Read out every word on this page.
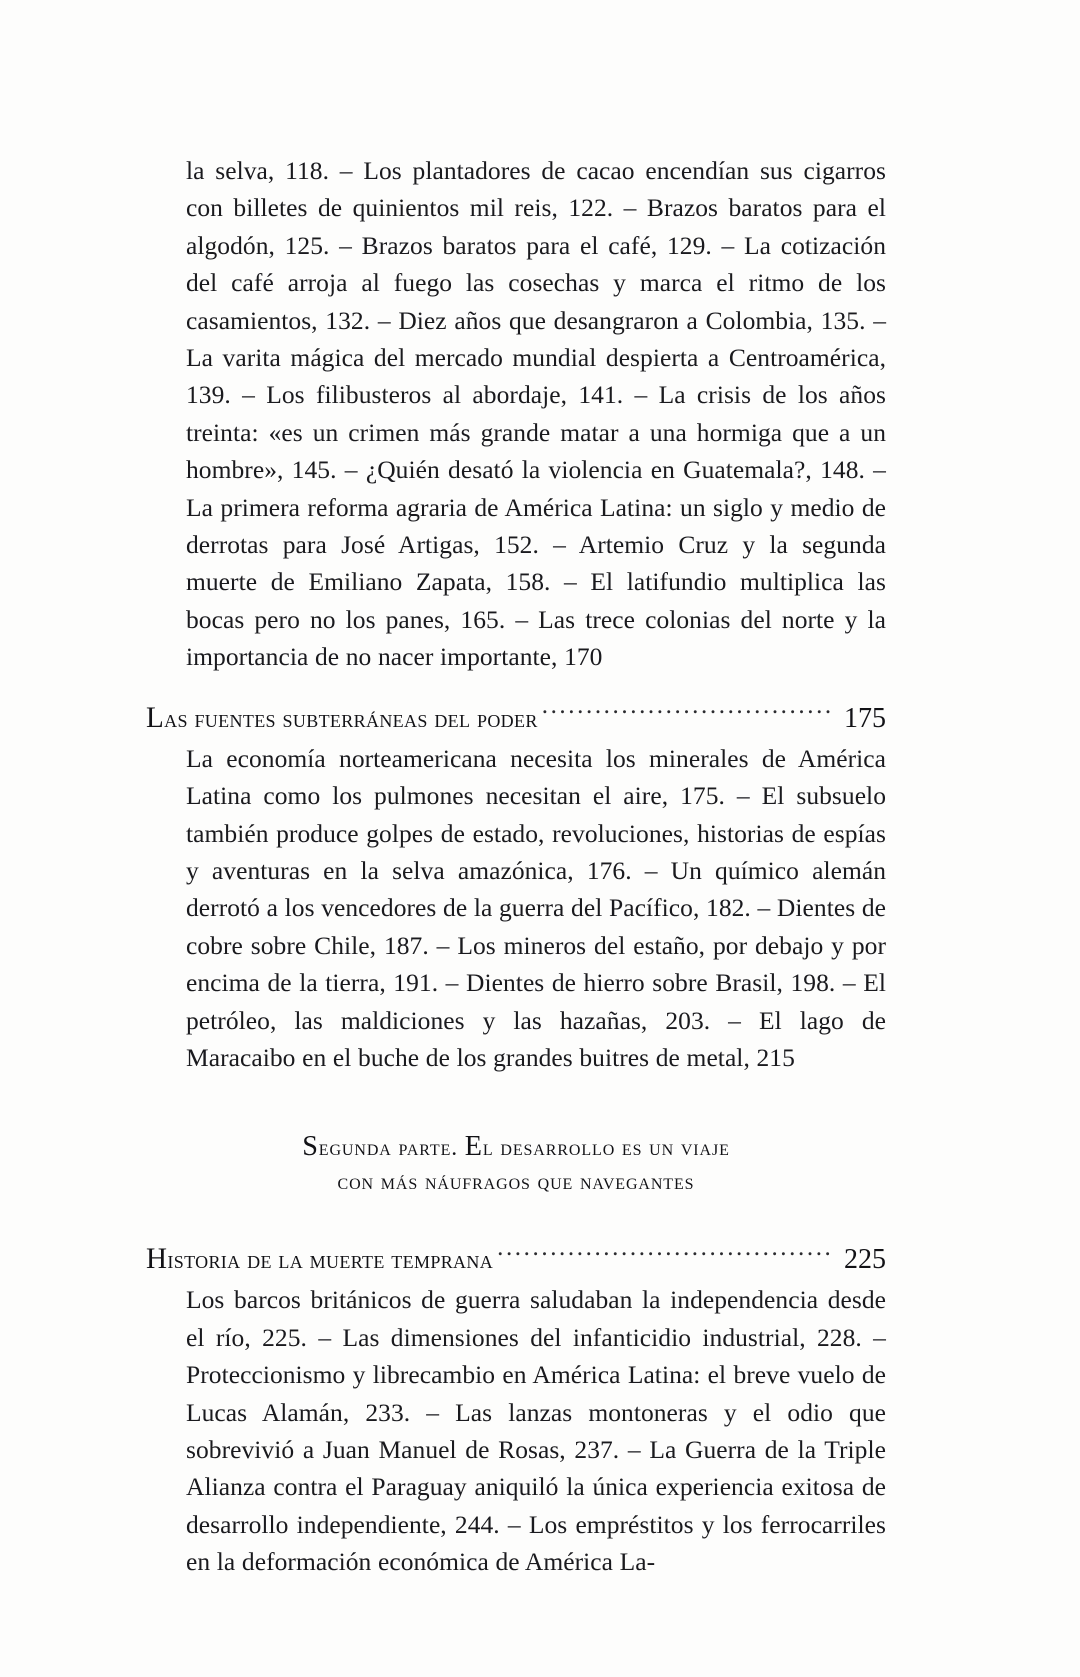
la selva, 118. – Los plantadores de cacao encendían sus cigarros con billetes de quinientos mil reis, 122. – Brazos baratos para el algodón, 125. – Brazos baratos para el café, 129. – La cotización del café arroja al fuego las cosechas y marca el ritmo de los casamientos, 132. – Diez años que desangraron a Colombia, 135. – La varita mágica del mercado mundial despierta a Centroamérica, 139. – Los filibusteros al abordaje, 141. – La crisis de los años treinta: «es un crimen más grande matar a una hormiga que a un hombre», 145. – ¿Quién desató la violencia en Guatemala?, 148. – La primera reforma agraria de América Latina: un siglo y medio de derrotas para José Artigas, 152. – Artemio Cruz y la segunda muerte de Emiliano Zapata, 158. – El latifundio multiplica las bocas pero no los panes, 165. – Las trece colonias del norte y la importancia de no nacer importante, 170

Las fuentes subterráneas del poder .....	175

La economía norteamericana necesita los minerales de América Latina como los pulmones necesitan el aire, 175. – El subsuelo también produce golpes de estado, revoluciones, historias de espías y aventuras en la selva amazónica, 176. – Un químico alemán derrotó a los vencedores de la guerra del Pacífico, 182. – Dientes de cobre sobre Chile, 187. – Los mineros del estaño, por debajo y por encima de la tierra, 191. – Dientes de hierro sobre Brasil, 198. – El petróleo, las maldiciones y las hazañas, 203. – El lago de Maracaibo en el buche de los grandes buitres de metal, 215

Segunda parte. El desarrollo es un viaje
con más náufragos que navegantes
Historia de la muerte temprana .....	225

Los barcos británicos de guerra saludaban la independencia desde el río, 225. – Las dimensiones del infanticidio industrial, 228. – Proteccionismo y librecambio en América Latina: el breve vuelo de Lucas Alamán, 233. – Las lanzas montoneras y el odio que sobrevivió a Juan Manuel de Rosas, 237. – La Guerra de la Triple Alianza contra el Paraguay aniquiló la única experiencia exitosa de desarrollo independiente, 244. – Los empréstitos y los ferrocarriles en la deformación económica de América La-
